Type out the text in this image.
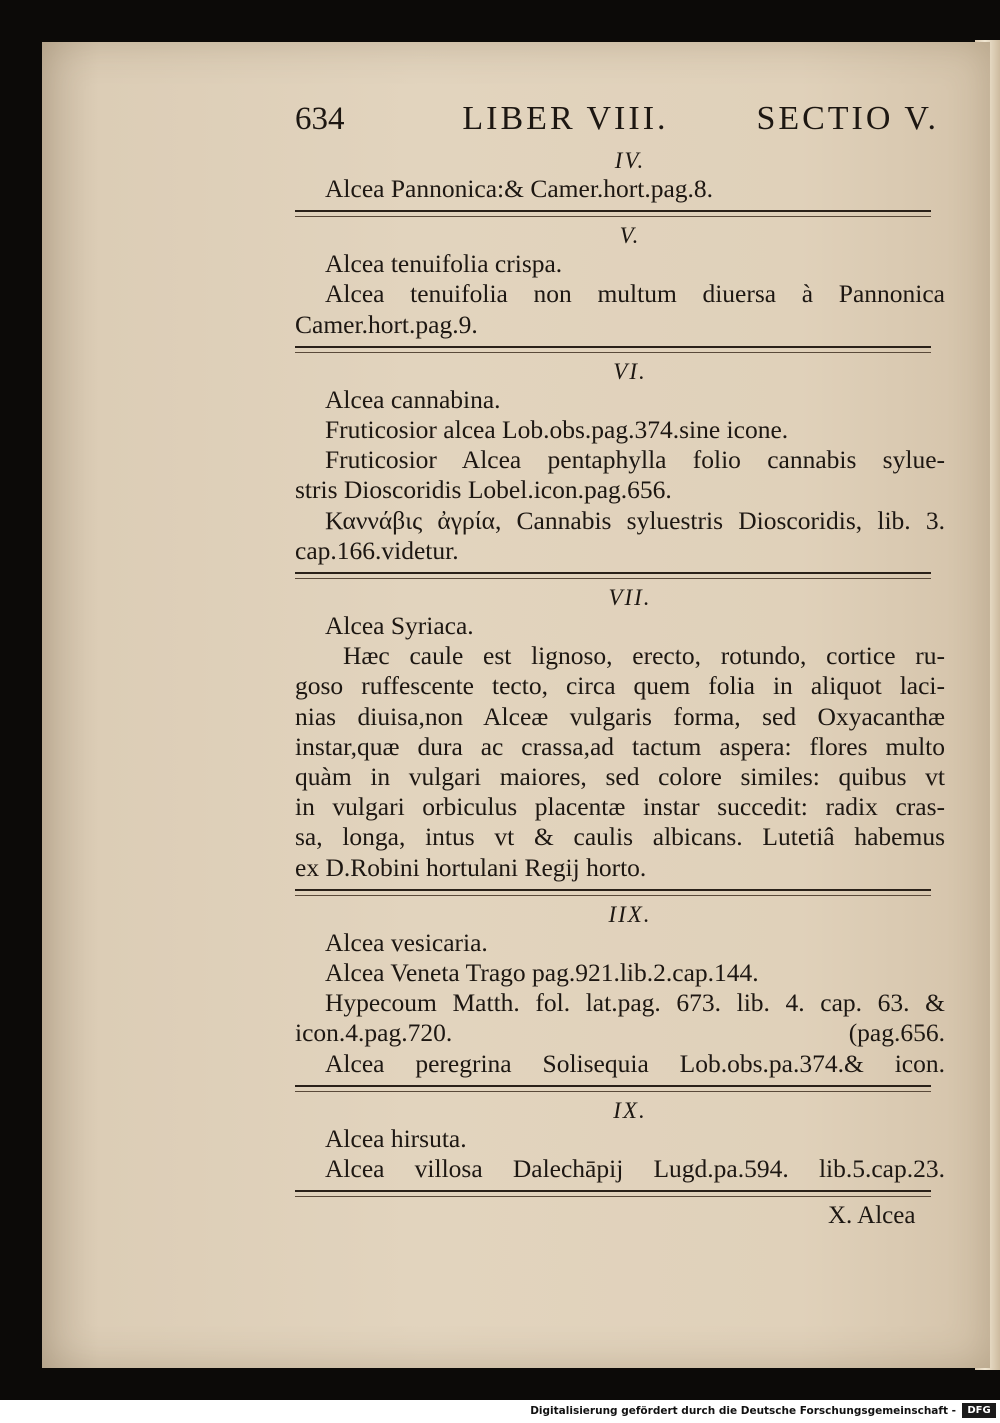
634	LIBER VIII.	SECTIO V.
IV.
Alcea Pannonica:& Camer.hort.pag.8.
V.
Alcea tenuifolia crispa.
Alcea tenuifolia non multum diuersa à Pannonica
Camer.hort.pag.9.
VI.
Alcea cannabina.
Fruticosior alcea Lob.obs.pag.374.sine icone.
Fruticosior Alcea pentaphylla folio cannabis sylue-
stris Dioscoridis Lobel.icon.pag.656.
Καννάβις ἀγρία, Cannabis syluestris Dioscoridis, lib. 3.
cap.166.videtur.
VII.
Alcea Syriaca.
Hæc caule est lignoso, erecto, rotundo, cortice ru-
goso ruffescente tecto, circa quem folia in aliquot laci-
nias diuisa,non Alceæ vulgaris forma, sed Oxyacanthæ
instar,quæ dura ac crassa,ad tactum aspera: flores multo
quàm in vulgari maiores, sed colore similes: quibus vt
in vulgari orbiculus placentæ instar succedit: radix cras-
sa, longa, intus vt & caulis albicans. Lutetiâ habemus
ex D.Robini hortulani Regij horto.
IIX.
Alcea vesicaria.
Alcea Veneta Trago pag.921.lib.2.cap.144.
Hypecoum Matth. fol. lat.pag. 673. lib. 4. cap. 63. &
icon.4.pag.720.	(pag.656.
Alcea peregrina Solisequia Lob.obs.pa.374.& icon.
IX.
Alcea hirsuta.
Alcea villosa Dalechāpij Lugd.pa.594. lib.5.cap.23.
X. Alcea
Digitalisierung gefördert durch die Deutsche Forschungsgemeinschaft -	DFG
